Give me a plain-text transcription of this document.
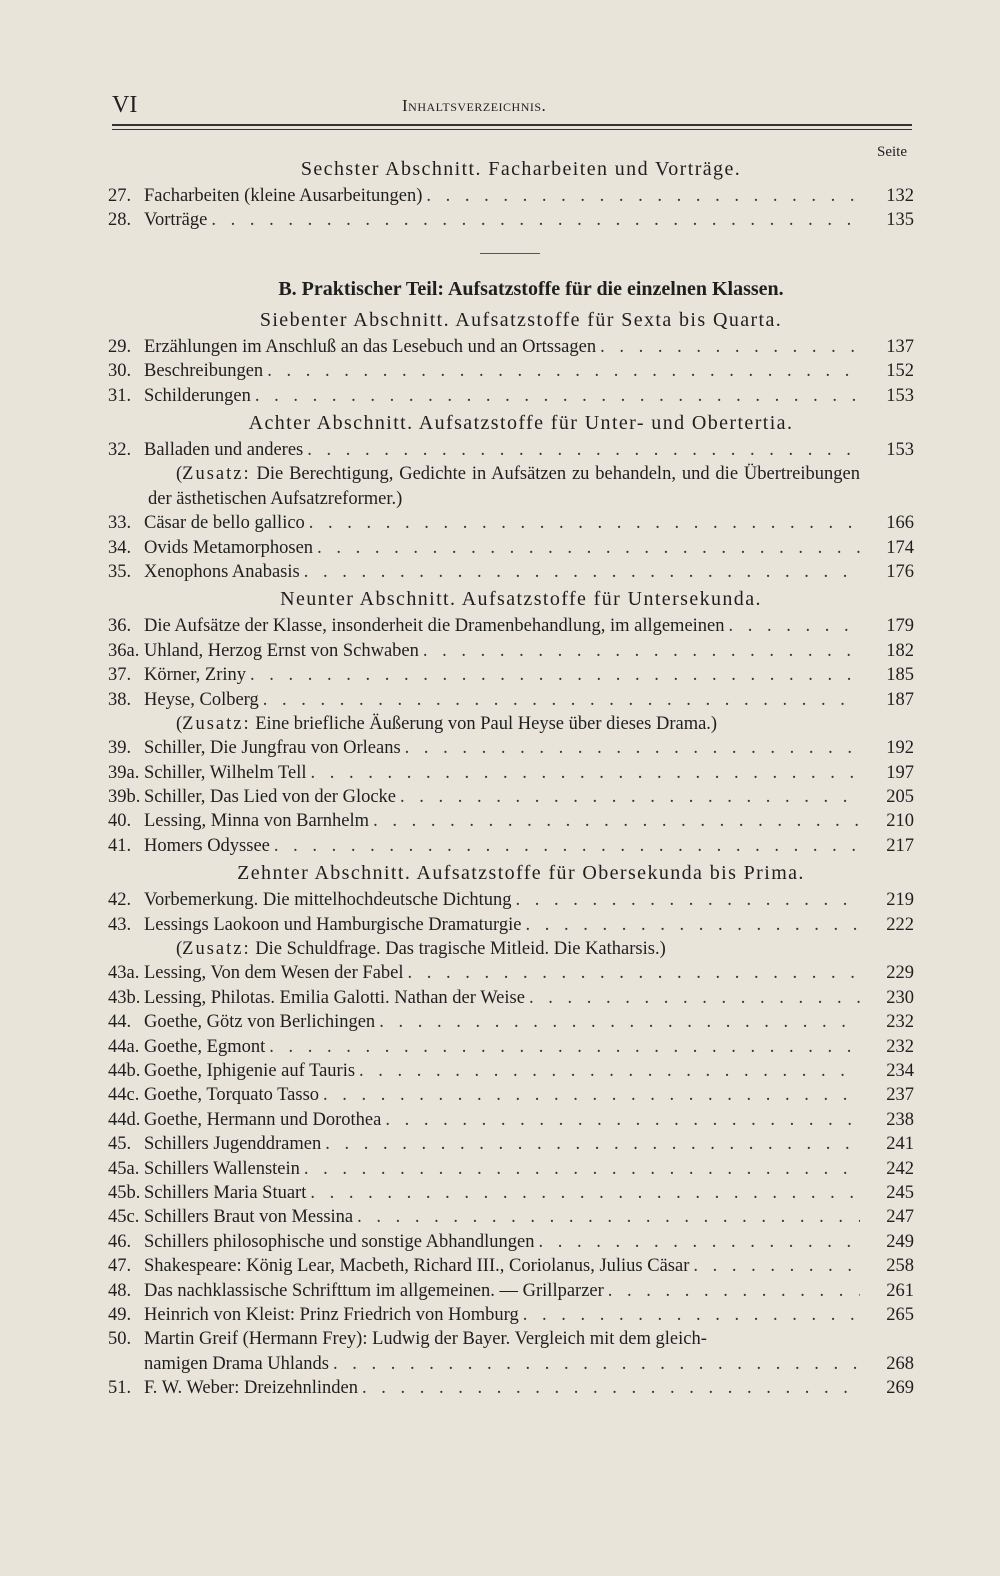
VI	Inhaltsverzeichnis.
Seite
Sechster Abschnitt. Facharbeiten und Vorträge.
27. Facharbeiten (kleine Ausarbeitungen) . . .	132
28. Vorträge . . .	135
B. Praktischer Teil: Aufsatzstoffe für die einzelnen Klassen.
Siebenter Abschnitt. Aufsatzstoffe für Sexta bis Quarta.
29. Erzählungen im Anschluß an das Lesebuch und an Ortssagen . . .	137
30. Beschreibungen . . .	152
31. Schilderungen . . .	153
Achter Abschnitt. Aufsatzstoffe für Unter- und Obertertia.
32. Balladen und anderes . . .	153
(Zusatz: Die Berechtigung, Gedichte in Aufsätzen zu behandeln, und die Übertreibungen der ästhetischen Aufsatzreformer.)
33. Cäsar de bello gallico . . .	166
34. Ovids Metamorphosen . . .	174
35. Xenophons Anabasis . . .	176
Neunter Abschnitt. Aufsatzstoffe für Untersekunda.
36. Die Aufsätze der Klasse, insonderheit die Dramenbehandlung, im allgemeinen . . .	179
36a. Uhland, Herzog Ernst von Schwaben . . .	182
37. Körner, Zriny . . .	185
38. Heyse, Colberg . . .	187
(Zusatz: Eine briefliche Äußerung von Paul Heyse über dieses Drama.)
39. Schiller, Die Jungfrau von Orleans . . .	192
39a. Schiller, Wilhelm Tell . . .	197
39b. Schiller, Das Lied von der Glocke . . .	205
40. Lessing, Minna von Barnhelm . . .	210
41. Homers Odyssee . . .	217
Zehnter Abschnitt. Aufsatzstoffe für Obersekunda bis Prima.
42. Vorbemerkung. Die mittelhochdeutsche Dichtung . . .	219
43. Lessings Laokoon und Hamburgische Dramaturgie . . .	222
(Zusatz: Die Schuldfrage. Das tragische Mitleid. Die Katharsis.)
43a. Lessing, Von dem Wesen der Fabel . . .	229
43b. Lessing, Philotas. Emilia Galotti. Nathan der Weise . . .	230
44. Goethe, Götz von Berlichingen . . .	232
44a. Goethe, Egmont . . .	232
44b. Goethe, Iphigenie auf Tauris . . .	234
44c. Goethe, Torquato Tasso . . .	237
44d. Goethe, Hermann und Dorothea . . .	238
45. Schillers Jugenddramen . . .	241
45a. Schillers Wallenstein . . .	242
45b. Schillers Maria Stuart . . .	245
45c. Schillers Braut von Messina . . .	247
46. Schillers philosophische und sonstige Abhandlungen . . .	249
47. Shakespeare: König Lear, Macbeth, Richard III., Coriolanus, Julius Cäsar . . .	258
48. Das nachklassische Schrifttum im allgemeinen. — Grillparzer . . .	261
49. Heinrich von Kleist: Prinz Friedrich von Homburg . . .	265
50. Martin Greif (Hermann Frey): Ludwig der Bayer. Vergleich mit dem gleich-
namigen Drama Uhlands . . .	268
51. F. W. Weber: Dreizehnlinden . . .	269
